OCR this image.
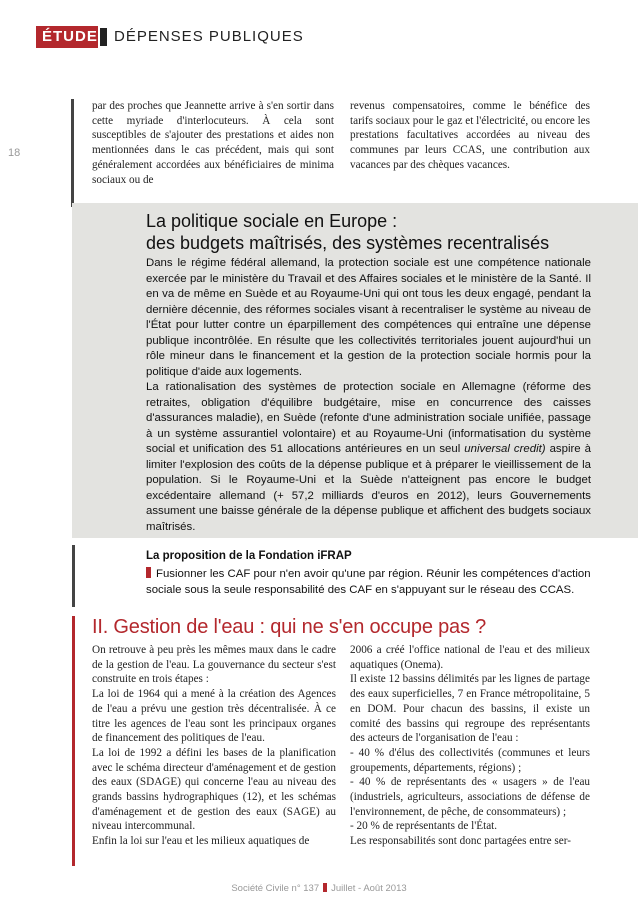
ÉTUDE DÉPENSES PUBLIQUES
18
par des proches que Jeannette arrive à s'en sortir dans cette myriade d'interlocuteurs. À cela sont susceptibles de s'ajouter des prestations et aides non mentionnées dans le cas précédent, mais qui sont généralement accordées aux bénéficiaires de minima sociaux ou de
revenus compensatoires, comme le bénéfice des tarifs sociaux pour le gaz et l'électricité, ou encore les prestations facultatives accordées au niveau des communes par leurs CCAS, une contribution aux vacances par des chèques vacances.
La politique sociale en Europe :
des budgets maîtrisés, des systèmes recentralisés
Dans le régime fédéral allemand, la protection sociale est une compétence nationale exercée par le ministère du Travail et des Affaires sociales et le ministère de la Santé. Il en va de même en Suède et au Royaume-Uni qui ont tous les deux engagé, pendant la dernière décennie, des réformes sociales visant à recentraliser le système au niveau de l'État pour lutter contre un éparpillement des compétences qui entraîne une dépense publique incontrôlée. En résulte que les collectivités territoriales jouent aujourd'hui un rôle mineur dans le financement et la gestion de la protection sociale hormis pour la politique d'aide aux logements.
La rationalisation des systèmes de protection sociale en Allemagne (réforme des retraites, obligation d'équilibre budgétaire, mise en concurrence des caisses d'assurances maladie), en Suède (refonte d'une administration sociale unifiée, passage à un système assurantiel volontaire) et au Royaume-Uni (informatisation du système social et unification des 51 allocations antérieures en un seul universal credit) aspire à limiter l'explosion des coûts de la dépense publique et à préparer le vieillissement de la population. Si le Royaume-Uni et la Suède n'atteignent pas encore le budget excédentaire allemand (+ 57,2 milliards d'euros en 2012), leurs Gouvernements assument une baisse générale de la dépense publique et affichent des budgets sociaux maîtrisés.
La proposition de la Fondation iFRAP
Fusionner les CAF pour n'en avoir qu'une par région. Réunir les compétences d'action sociale sous la seule responsabilité des CAF en s'appuyant sur le réseau des CCAS.
II. Gestion de l'eau : qui ne s'en occupe pas ?
On retrouve à peu près les mêmes maux dans le cadre de la gestion de l'eau. La gouvernance du secteur s'est construite en trois étapes :
La loi de 1964 qui a mené à la création des Agences de l'eau a prévu une gestion très décentralisée. À ce titre les agences de l'eau sont les principaux organes de financement des politiques de l'eau.
La loi de 1992 a défini les bases de la planification avec le schéma directeur d'aménagement et de gestion des eaux (SDAGE) qui concerne l'eau au niveau des grands bassins hydrographiques (12), et les schémas d'aménagement et de gestion des eaux (SAGE) au niveau intercommunal.
Enfin la loi sur l'eau et les milieux aquatiques de
2006 a créé l'office national de l'eau et des milieux aquatiques (Onema).
Il existe 12 bassins délimités par les lignes de partage des eaux superficielles, 7 en France métropolitaine, 5 en DOM. Pour chacun des bassins, il existe un comité des bassins qui regroupe des représentants des acteurs de l'organisation de l'eau :
- 40 % d'élus des collectivités (communes et leurs groupements, départements, régions) ;
- 40 % de représentants des « usagers » de l'eau (industriels, agriculteurs, associations de défense de l'environnement, de pêche, de consommateurs) ;
- 20 % de représentants de l'État.
Les responsabilités sont donc partagées entre ser-
Société Civile n° 137 Juillet - Août 2013
